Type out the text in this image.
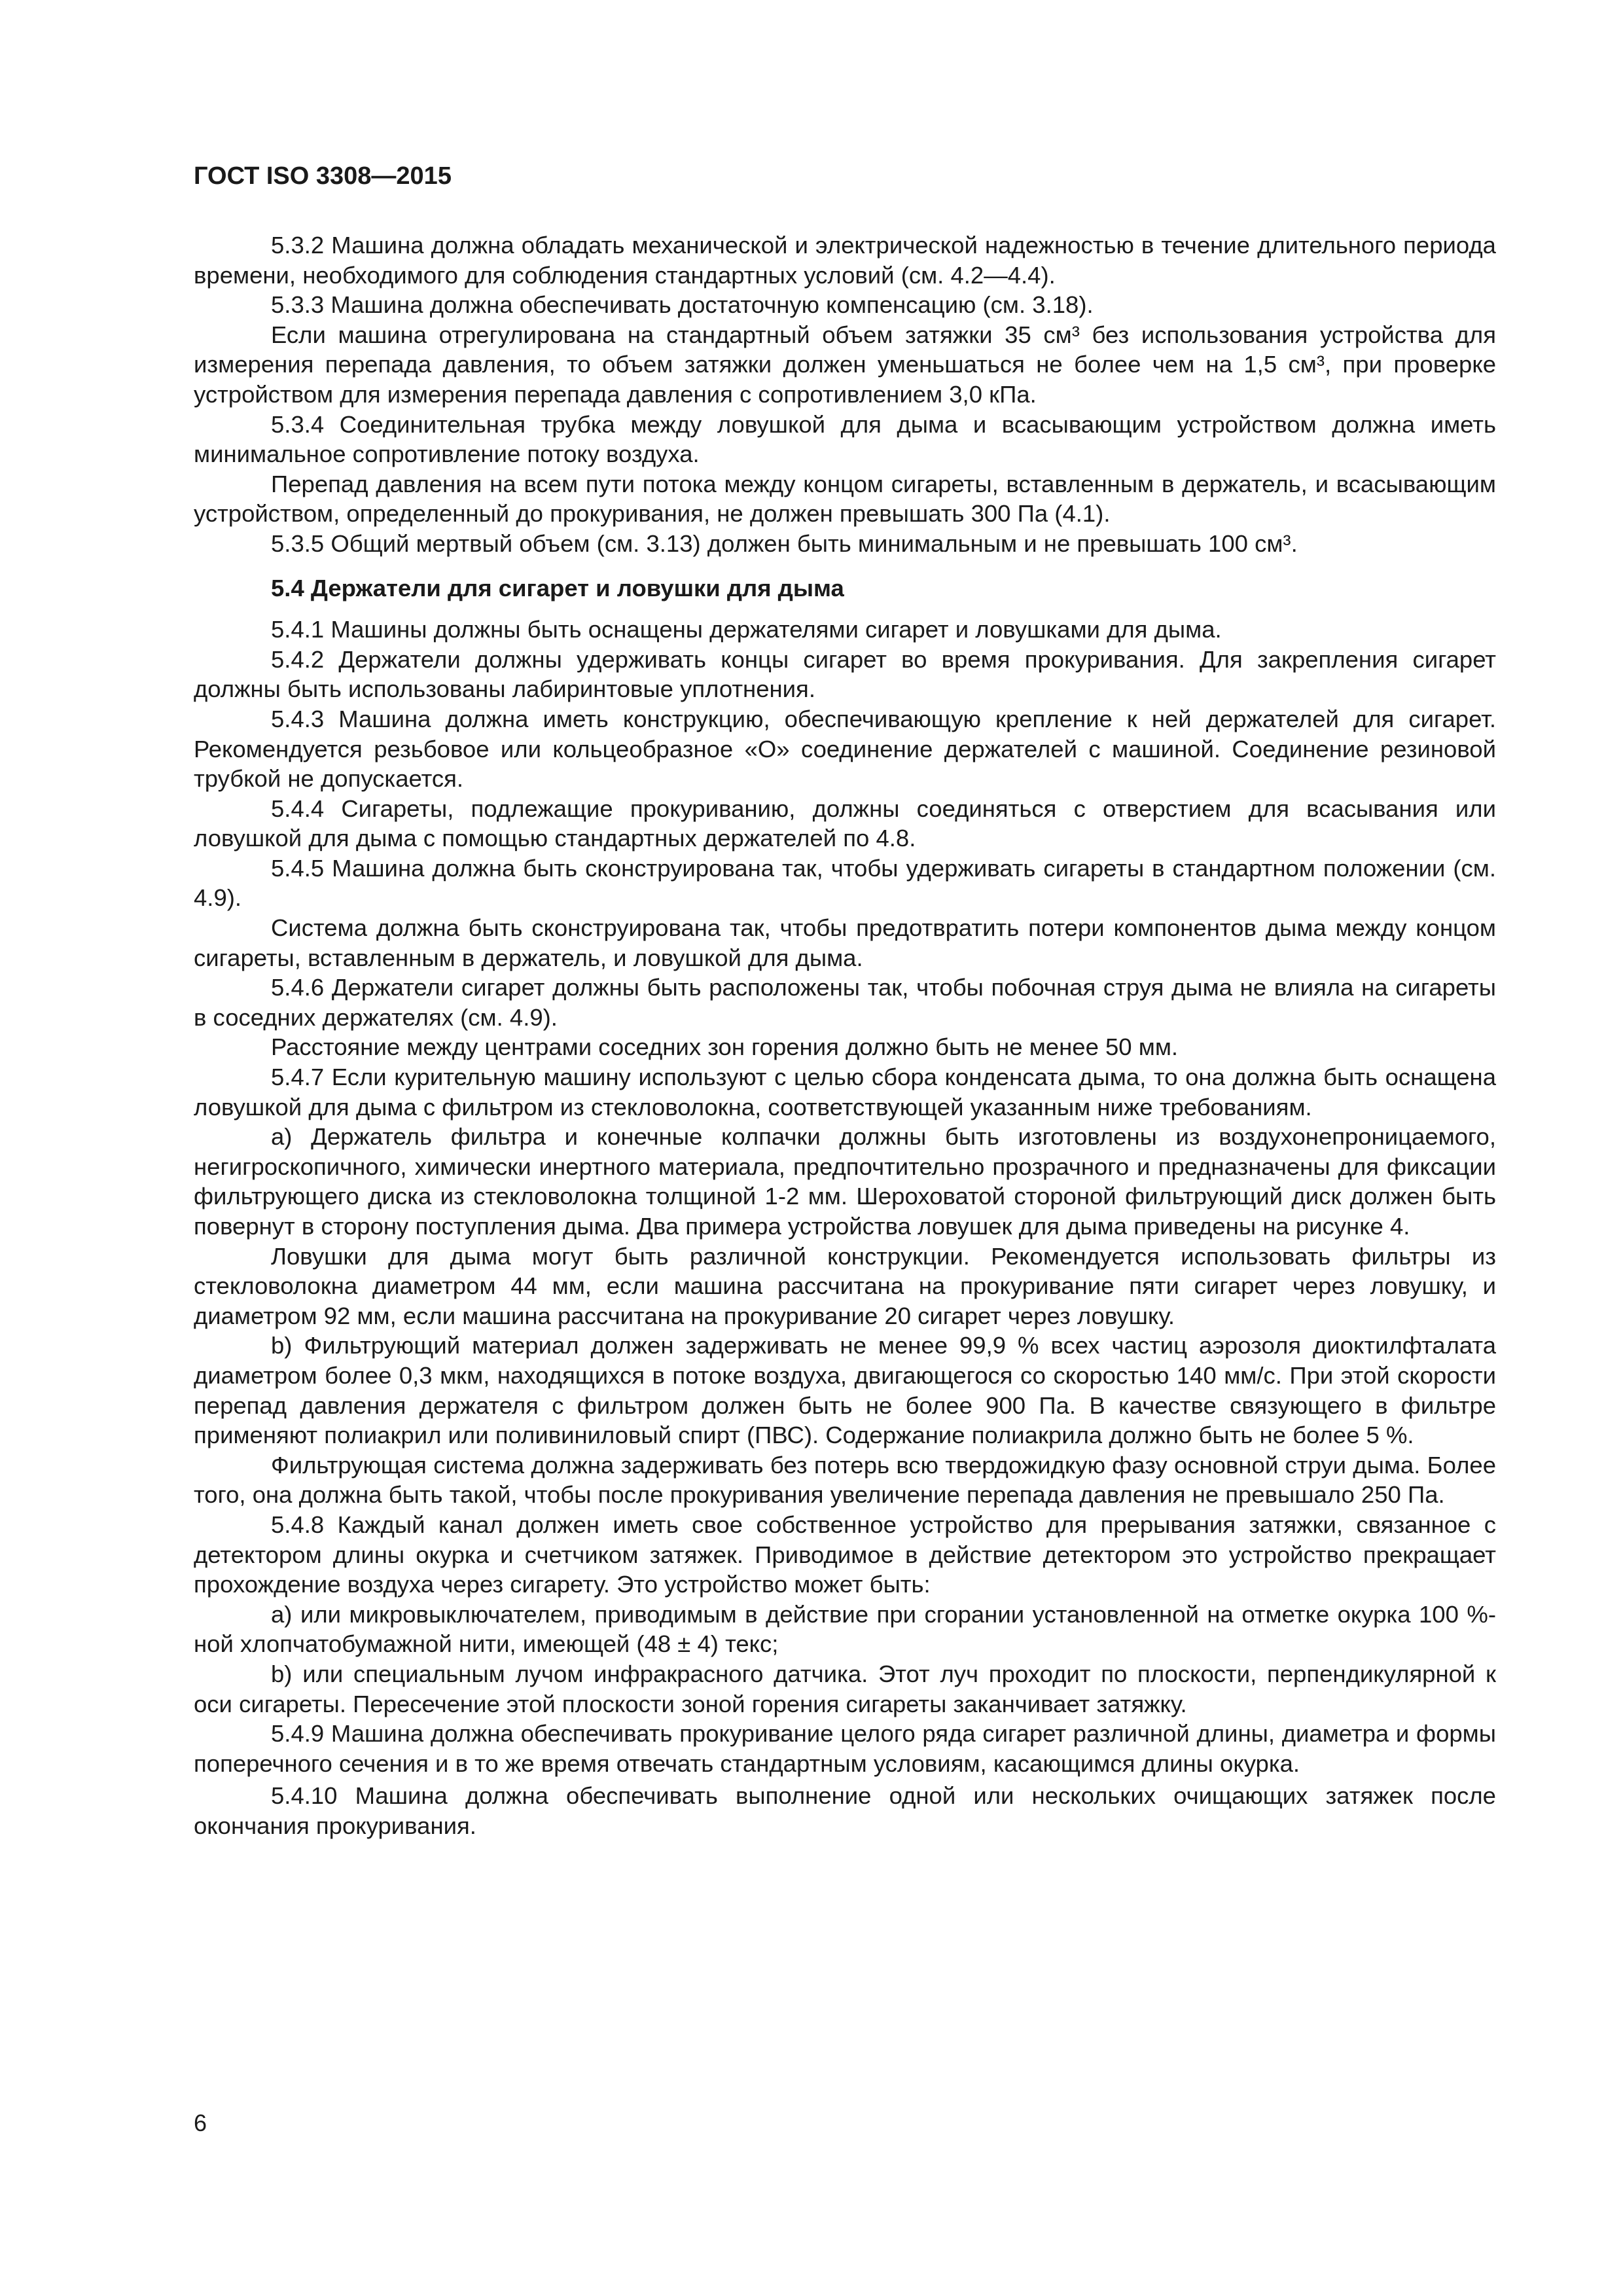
ГОСТ ISO 3308—2015

5.3.2 Машина должна обладать механической и электрической надежностью в течение длительного периода времени, необходимого для соблюдения стандартных условий (см. 4.2—4.4).

5.3.3 Машина должна обеспечивать достаточную компенсацию (см. 3.18).

Если машина отрегулирована на стандартный объем затяжки 35 см³ без использования устройства для измерения перепада давления, то объем затяжки должен уменьшаться не более чем на 1,5 см³, при проверке устройством для измерения перепада давления с сопротивлением 3,0 кПа.

5.3.4 Соединительная трубка между ловушкой для дыма и всасывающим устройством должна иметь минимальное сопротивление потоку воздуха.

Перепад давления на всем пути потока между концом сигареты, вставленным в держатель, и всасывающим устройством, определенный до прокуривания, не должен превышать 300 Па (4.1).

5.3.5 Общий мертвый объем (см. 3.13) должен быть минимальным и не превышать 100 см³.

5.4 Держатели для сигарет и ловушки для дыма

5.4.1 Машины должны быть оснащены держателями сигарет и ловушками для дыма.

5.4.2 Держатели должны удерживать концы сигарет во время прокуривания. Для закрепления сигарет должны быть использованы лабиринтовые уплотнения.

5.4.3 Машина должна иметь конструкцию, обеспечивающую крепление к ней держателей для сигарет. Рекомендуется резьбовое или кольцеобразное «О» соединение держателей с машиной. Соединение резиновой трубкой не допускается.

5.4.4 Сигареты, подлежащие прокуриванию, должны соединяться с отверстием для всасывания или ловушкой для дыма с помощью стандартных держателей по 4.8.

5.4.5 Машина должна быть сконструирована так, чтобы удерживать сигареты в стандартном положении (см. 4.9).

Система должна быть сконструирована так, чтобы предотвратить потери компонентов дыма между концом сигареты, вставленным в держатель, и ловушкой для дыма.

5.4.6 Держатели сигарет должны быть расположены так, чтобы побочная струя дыма не влияла на сигареты в соседних держателях (см. 4.9).

Расстояние между центрами соседних зон горения должно быть не менее 50 мм.

5.4.7 Если курительную машину используют с целью сбора конденсата дыма, то она должна быть оснащена ловушкой для дыма с фильтром из стекловолокна, соответствующей указанным ниже требованиям.

a) Держатель фильтра и конечные колпачки должны быть изготовлены из воздухонепроницаемого, негигроскопичного, химически инертного материала, предпочтительно прозрачного и предназначены для фиксации фильтрующего диска из стекловолокна толщиной 1-2 мм. Шероховатой стороной фильтрующий диск должен быть повернут в сторону поступления дыма. Два примера устройства ловушек для дыма приведены на рисунке 4.

Ловушки для дыма могут быть различной конструкции. Рекомендуется использовать фильтры из стекловолокна диаметром 44 мм, если машина рассчитана на прокуривание пяти сигарет через ловушку, и диаметром 92 мм, если машина рассчитана на прокуривание 20 сигарет через ловушку.

b) Фильтрующий материал должен задерживать не менее 99,9 % всех частиц аэрозоля диоктилфталата диаметром более 0,3 мкм, находящихся в потоке воздуха, двигающегося со скоростью 140 мм/с. При этой скорости перепад давления держателя с фильтром должен быть не более 900 Па. В качестве связующего в фильтре применяют полиакрил или поливиниловый спирт (ПВС). Содержание полиакрила должно быть не более 5 %.

Фильтрующая система должна задерживать без потерь всю твердожидкую фазу основной струи дыма. Более того, она должна быть такой, чтобы после прокуривания увеличение перепада давления не превышало 250 Па.

5.4.8 Каждый канал должен иметь свое собственное устройство для прерывания затяжки, связанное с детектором длины окурка и счетчиком затяжек. Приводимое в действие детектором это устройство прекращает прохождение воздуха через сигарету. Это устройство может быть:

a) или микровыключателем, приводимым в действие при сгорании установленной на отметке окурка 100 %-ной хлопчатобумажной нити, имеющей (48 ± 4) текс;

b) или специальным лучом инфракрасного датчика. Этот луч проходит по плоскости, перпендикулярной к оси сигареты. Пересечение этой плоскости зоной горения сигареты заканчивает затяжку.

5.4.9 Машина должна обеспечивать прокуривание целого ряда сигарет различной длины, диаметра и формы поперечного сечения и в то же время отвечать стандартным условиям, касающимся длины окурка.

5.4.10 Машина должна обеспечивать выполнение одной или нескольких очищающих затяжек после окончания прокуривания.

6
